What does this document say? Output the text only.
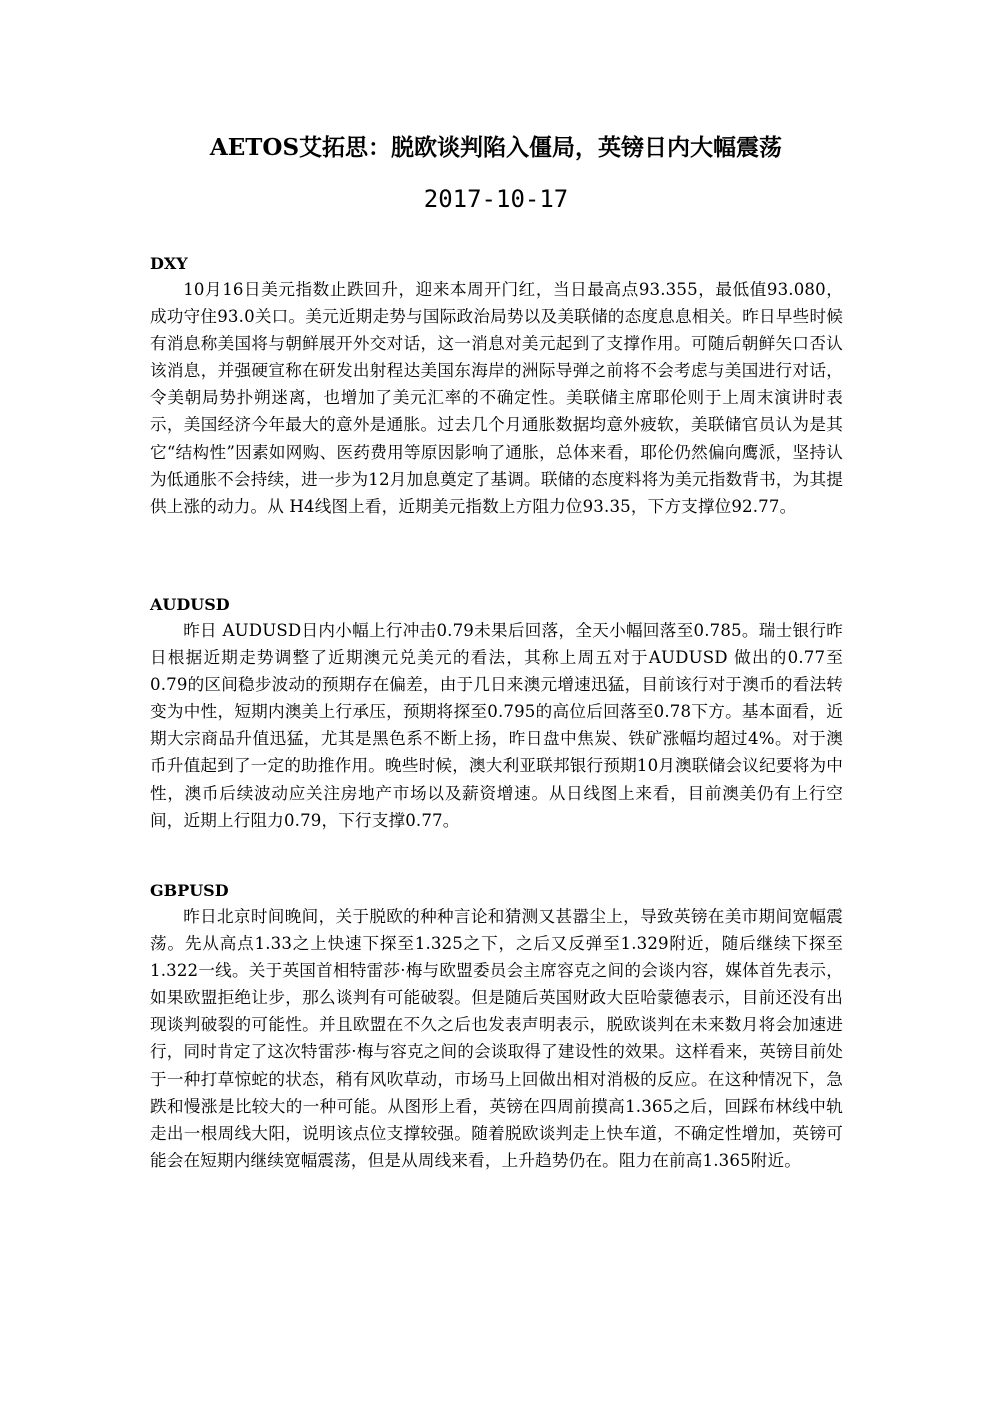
AETOS艾拓思：脱欧谈判陷入僵局，英镑日内大幅震荡
2017-10-17
DXY

10月16日美元指数止跌回升，迎来本周开门红，当日最高点93.355，最低值93.080，成功守住93.0关口。美元近期走势与国际政治局势以及美联储的态度息息相关。昨日早些时候有消息称美国将与朝鲜展开外交对话，这一消息对美元起到了支撑作用。可随后朝鲜矢口否认该消息，并强硬宣称在研发出射程达美国东海岸的洲际导弹之前将不会考虑与美国进行对话，令美朝局势扑朔迷离，也增加了美元汇率的不确定性。美联储主席耶伦则于上周末演讲时表示，美国经济今年最大的意外是通胀。过去几个月通胀数据均意外疲软，美联储官员认为是其它“结构性”因素如网购、医药费用等原因影响了通胀，总体来看，耶伦仍然偏向鹰派，坚持认为低通胀不会持续，进一步为12月加息奠定了基调。联储的态度料将为美元指数背书，为其提供上涨的动力。从 H4线图上看，近期美元指数上方阻力位93.35，下方支撑位92.77。

AUDUSD

昨日 AUDUSD日内小幅上行冲击0.79未果后回落，全天小幅回落至0.785。瑞士银行昨日根据近期走势调整了近期澳元兑美元的看法，其称上周五对于AUDUSD 做出的0.77至0.79的区间稳步波动的预期存在偏差，由于几日来澳元增速迅猛，目前该行对于澳币的看法转变为中性，短期内澳美上行承压，预期将探至0.795的高位后回落至0.78下方。基本面看，近期大宗商品升值迅猛，尤其是黑色系不断上扬，昨日盘中焦炭、铁矿涨幅均超过4%。对于澳币升值起到了一定的助推作用。晚些时候，澳大利亚联邦银行预期10月澳联储会议纪要将为中性，澳币后续波动应关注房地产市场以及薪资增速。从日线图上来看，目前澳美仍有上行空间，近期上行阻力0.79，下行支撑0.77。

GBPUSD

昨日北京时间晚间，关于脱欧的种种言论和猜测又甚嚣尘上，导致英镑在美市期间宽幅震荡。先从高点1.33之上快速下探至1.325之下，之后又反弹至1.329附近，随后继续下探至1.322一线。关于英国首相特雷莎·梅与欧盟委员会主席容克之间的会谈内容，媒体首先表示，如果欧盟拒绝让步，那么谈判有可能破裂。但是随后英国财政大臣哈蒙德表示，目前还没有出现谈判破裂的可能性。并且欧盟在不久之后也发表声明表示，脱欧谈判在未来数月将会加速进行，同时肯定了这次特雷莎·梅与容克之间的会谈取得了建设性的效果。这样看来，英镑目前处于一种打草惊蛇的状态，稍有风吹草动，市场马上回做出相对消极的反应。在这种情况下，急跌和慢涨是比较大的一种可能。从图形上看，英镑在四周前摸高1.365之后，回踩布林线中轨走出一根周线大阳，说明该点位支撑较强。随着脱欧谈判走上快车道，不确定性增加，英镑可能会在短期内继续宽幅震荡，但是从周线来看，上升趋势仍在。阻力在前高1.365附近。
